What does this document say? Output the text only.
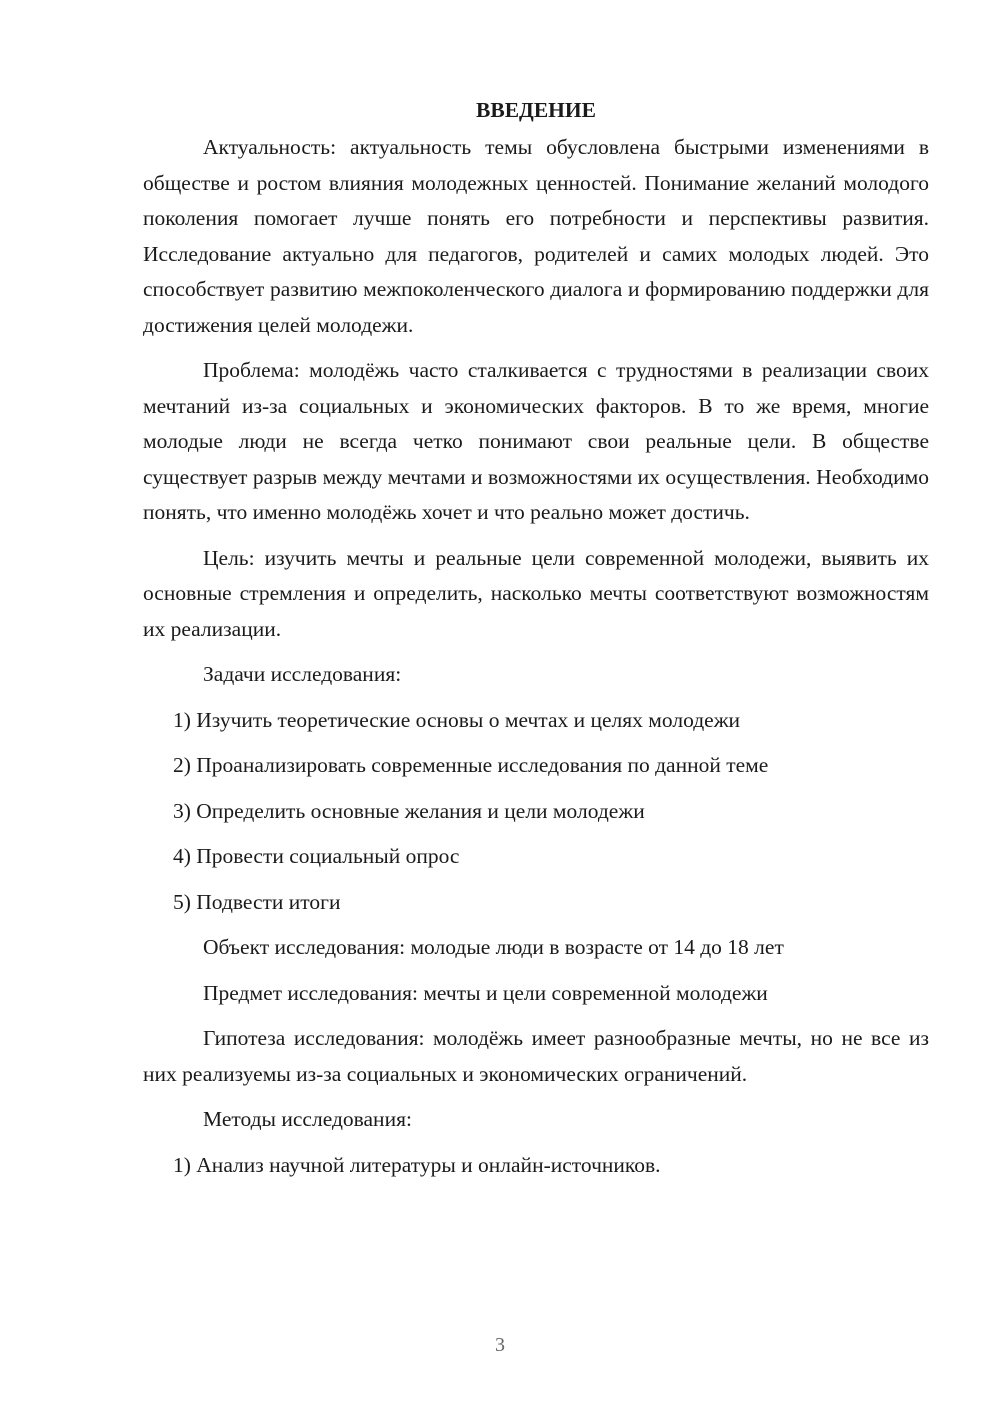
ВВЕДЕНИЕ

Актуальность: актуальность темы обусловлена быстрыми изменениями в обществе и ростом влияния молодежных ценностей. Понимание желаний молодого поколения помогает лучше понять его потребности и перспективы развития. Исследование актуально для педагогов, родителей и самих молодых людей. Это способствует развитию межпоколенческого диалога и формированию поддержки для достижения целей молодежи.

Проблема: молодёжь часто сталкивается с трудностями в реализации своих мечтаний из-за социальных и экономических факторов. В то же время, многие молодые люди не всегда четко понимают свои реальные цели. В обществе существует разрыв между мечтами и возможностями их осуществления. Необходимо понять, что именно молодёжь хочет и что реально может достичь.

Цель: изучить мечты и реальные цели современной молодежи, выявить их основные стремления и определить, насколько мечты соответствуют возможностям их реализации.

Задачи исследования:

1) Изучить теоретические основы о мечтах и целях молодежи

2) Проанализировать современные исследования по данной теме

3) Определить основные желания и цели молодежи

4) Провести социальный опрос

5) Подвести итоги

Объект исследования: молодые люди в возрасте от 14 до 18 лет

Предмет исследования: мечты и цели современной молодежи

Гипотеза исследования: молодёжь имеет разнообразные мечты, но не все из них реализуемы из-за социальных и экономических ограничений.

Методы исследования:

1) Анализ научной литературы и онлайн-источников.

3
